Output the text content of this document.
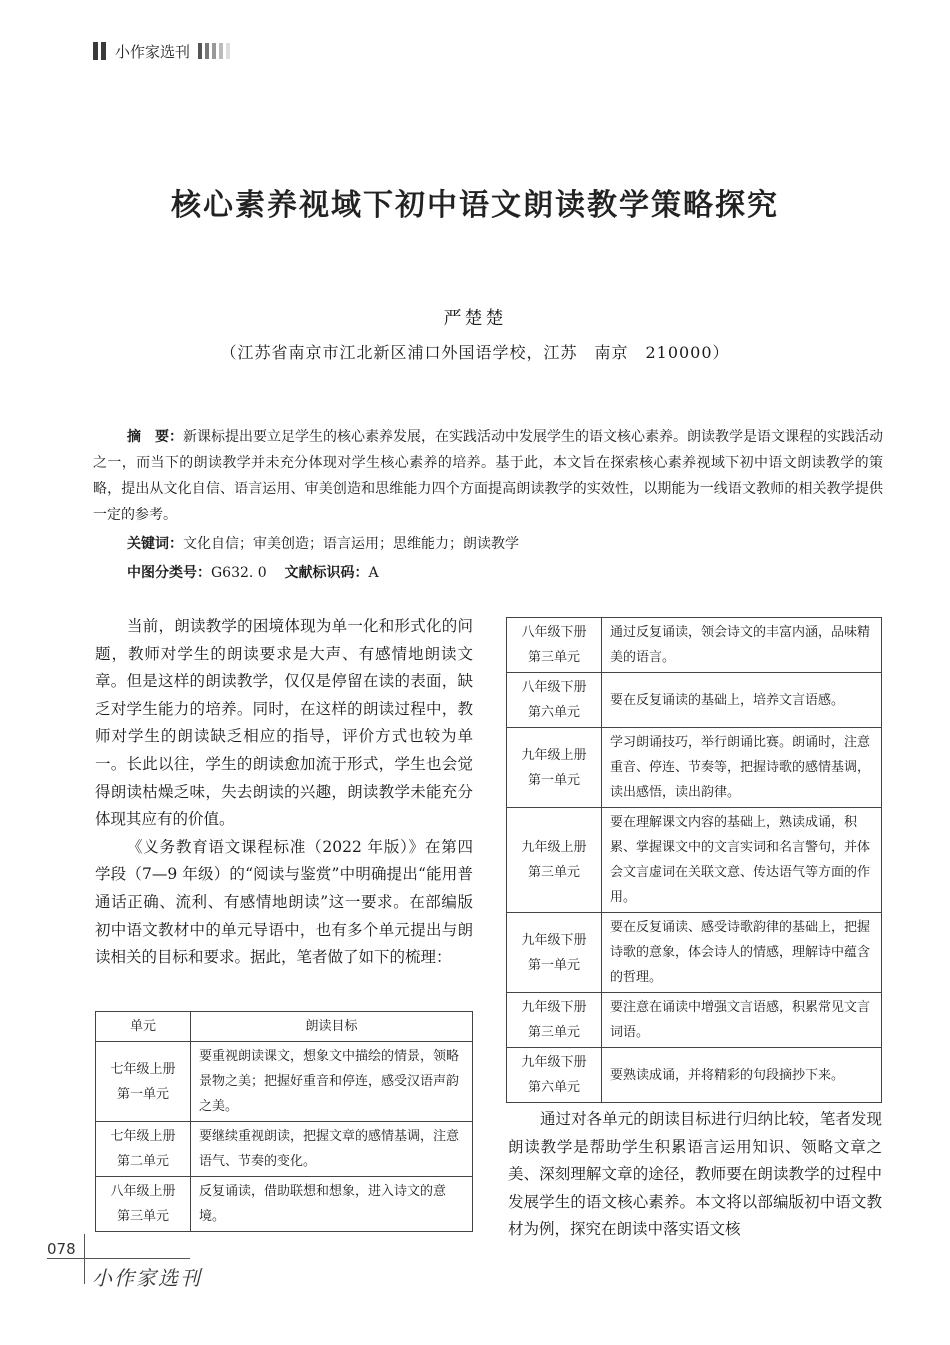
小作家选刊
核心素养视域下初中语文朗读教学策略探究
严楚楚
（江苏省南京市江北新区浦口外国语学校，江苏　南京　210000）

摘　要：新课标提出要立足学生的核心素养发展，在实践活动中发展学生的语文核心素养。朗读教学是语文课程的实践活动之一，而当下的朗读教学并未充分体现对学生核心素养的培养。基于此，本文旨在探索核心素养视域下初中语文朗读教学的策略，提出从文化自信、语言运用、审美创造和思维能力四个方面提高朗读教学的实效性，以期能为一线语文教师的相关教学提供一定的参考。

关键词：文化自信；审美创造；语言运用；思维能力；朗读教学
中图分类号：G632. 0 文献标识码：A

当前，朗读教学的困境体现为单一化和形式化的问题，教师对学生的朗读要求是大声、有感情地朗读文章。但是这样的朗读教学，仅仅是停留在读的表面，缺乏对学生能力的培养。同时，在这样的朗读过程中，教师对学生的朗读缺乏相应的指导，评价方式也较为单一。长此以往，学生的朗读愈加流于形式，学生也会觉得朗读枯燥乏味，失去朗读的兴趣，朗读教学未能充分体现其应有的价值。

《义务教育语文课程标准（2022 年版）》在第四学段（7—9 年级）的“阅读与鉴赏”中明确提出“能用普通话正确、流利、有感情地朗读”这一要求。在部编版初中语文教材中的单元导语中，也有多个单元提出与朗读相关的目标和要求。据此，笔者做了如下的梳理：

单元	朗读目标
七年级上册
第一单元	要重视朗读课文，想象文中描绘的情景，领略景物之美；把握好重音和停连，感受汉语声韵之美。
七年级上册
第二单元	要继续重视朗读，把握文章的感情基调，注意语气、节奏的变化。
八年级上册
第三单元	反复诵读，借助联想和想象，进入诗文的意境。
八年级下册
第三单元	通过反复诵读，领会诗文的丰富内涵，品味精美的语言。
八年级下册
第六单元	要在反复诵读的基础上，培养文言语感。
九年级上册
第一单元	学习朗诵技巧，举行朗诵比赛。朗诵时，注意重音、停连、节奏等，把握诗歌的感情基调，读出感悟，读出韵律。
九年级上册
第三单元	要在理解课文内容的基础上，熟读成诵，积累、掌握课文中的文言实词和名言警句，并体会文言虚词在关联文意、传达语气等方面的作用。
九年级下册
第一单元	要在反复诵读、感受诗歌韵律的基础上，把握诗歌的意象，体会诗人的情感，理解诗中蕴含的哲理。
九年级下册
第三单元	要注意在诵读中增强文言语感，积累常见文言词语。
九年级下册
第六单元	要熟读成诵，并将精彩的句段摘抄下来。

通过对各单元的朗读目标进行归纳比较，笔者发现朗读教学是帮助学生积累语言运用知识、领略文章之美、深刻理解文章的途径，教师要在朗读教学的过程中发展学生的语文核心素养。本文将以部编版初中语文教材为例，探究在朗读中落实语文核

078
小作家选刊
